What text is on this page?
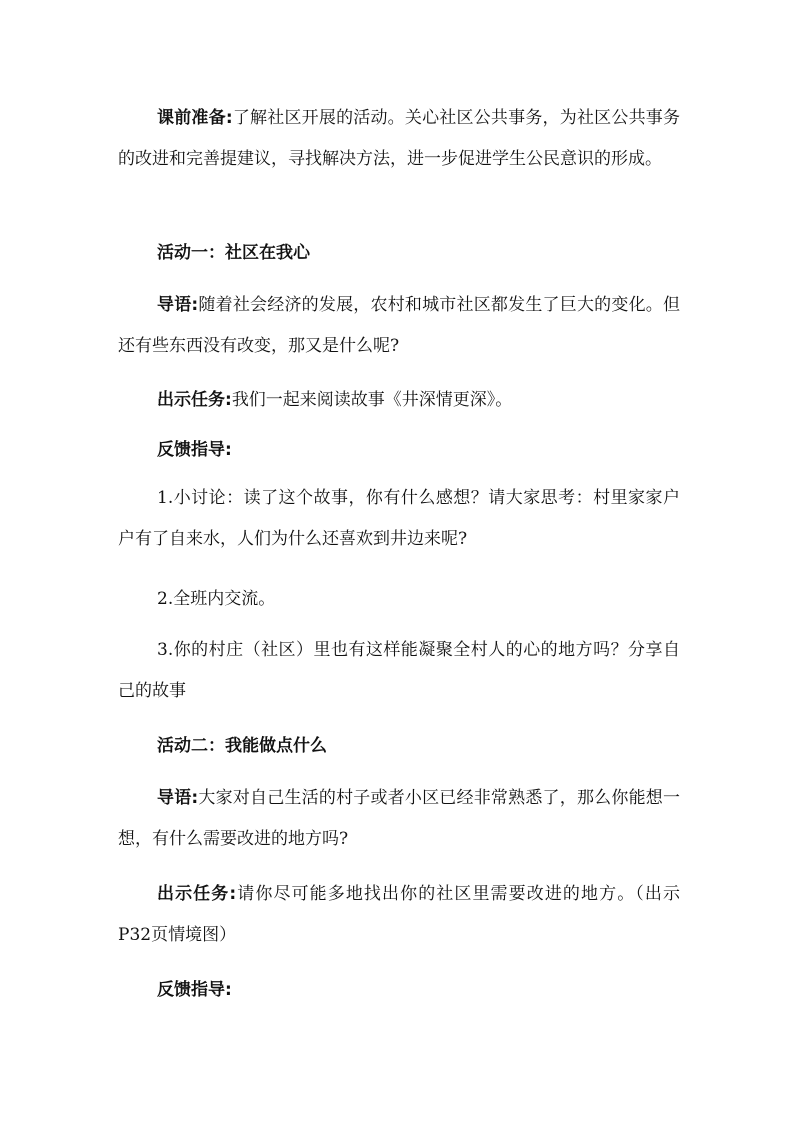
课前准备:了解社区开展的活动。关心社区公共事务，为社区公共事务的改进和完善提建议，寻找解决方法，进一步促进学生公民意识的形成。

活动一：社区在我心

导语:随着社会经济的发展，农村和城市社区都发生了巨大的变化。但还有些东西没有改变，那又是什么呢?

出示任务:我们一起来阅读故事《井深情更深》。

反馈指导:

1.小讨论：读了这个故事，你有什么感想？请大家思考：村里家家户户有了自来水，人们为什么还喜欢到井边来呢?

2.全班内交流。

3.你的村庄（社区）里也有这样能凝聚全村人的心的地方吗？分享自己的故事

活动二：我能做点什么

导语:大家对自己生活的村子或者小区已经非常熟悉了，那么你能想一想，有什么需要改进的地方吗?

出示任务:请你尽可能多地找出你的社区里需要改进的地方。（出示P32页情境图）

反馈指导:
